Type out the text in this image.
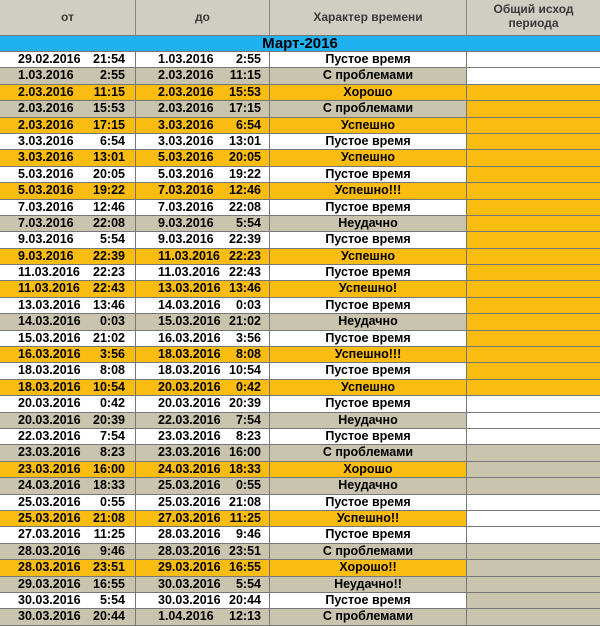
от	до	Характер времени
Общий исход
периода
Март-2016
29.02.2016 21:54	1.03.2016 2:55	Пустое время
1.03.2016 2:55	2.03.2016 11:15	С проблемами
2.03.2016 11:15	2.03.2016 15:53	Хорошо
2.03.2016 15:53	2.03.2016 17:15	С проблемами
2.03.2016 17:15	3.03.2016 6:54	Успешно
3.03.2016 6:54	3.03.2016 13:01	Пустое время
3.03.2016 13:01	5.03.2016 20:05	Успешно
5.03.2016 20:05	5.03.2016 19:22	Пустое время
5.03.2016 19:22	7.03.2016 12:46	Успешно!!!
7.03.2016 12:46	7.03.2016 22:08	Пустое время
7.03.2016 22:08	9.03.2016 5:54	Неудачно
9.03.2016 5:54	9.03.2016 22:39	Пустое время
9.03.2016 22:39	11.03.2016 22:23	Успешно
11.03.2016 22:23	11.03.2016 22:43	Пустое время
11.03.2016 22:43	13.03.2016 13:46	Успешно!
13.03.2016 13:46	14.03.2016 0:03	Пустое время
14.03.2016 0:03	15.03.2016 21:02	Неудачно
15.03.2016 21:02	16.03.2016 3:56	Пустое время
16.03.2016 3:56	18.03.2016 8:08	Успешно!!!
18.03.2016 8:08	18.03.2016 10:54	Пустое время
18.03.2016 10:54	20.03.2016 0:42	Успешно
20.03.2016 0:42	20.03.2016 20:39	Пустое время
20.03.2016 20:39	22.03.2016 7:54	Неудачно
22.03.2016 7:54	23.03.2016 8:23	Пустое время
23.03.2016 8:23	23.03.2016 16:00	С проблемами
23.03.2016 16:00	24.03.2016 18:33	Хорошо
24.03.2016 18:33	25.03.2016 0:55	Неудачно
25.03.2016 0:55	25.03.2016 21:08	Пустое время
25.03.2016 21:08	27.03.2016 11:25	Успешно!!
27.03.2016 11:25	28.03.2016 9:46	Пустое время
28.03.2016 9:46	28.03.2016 23:51	С проблемами
28.03.2016 23:51	29.03.2016 16:55	Хорошо!!
29.03.2016 16:55	30.03.2016 5:54	Неудачно!!
30.03.2016 5:54	30.03.2016 20:44	Пустое время
30.03.2016 20:44	1.04.2016 12:13	С проблемами
